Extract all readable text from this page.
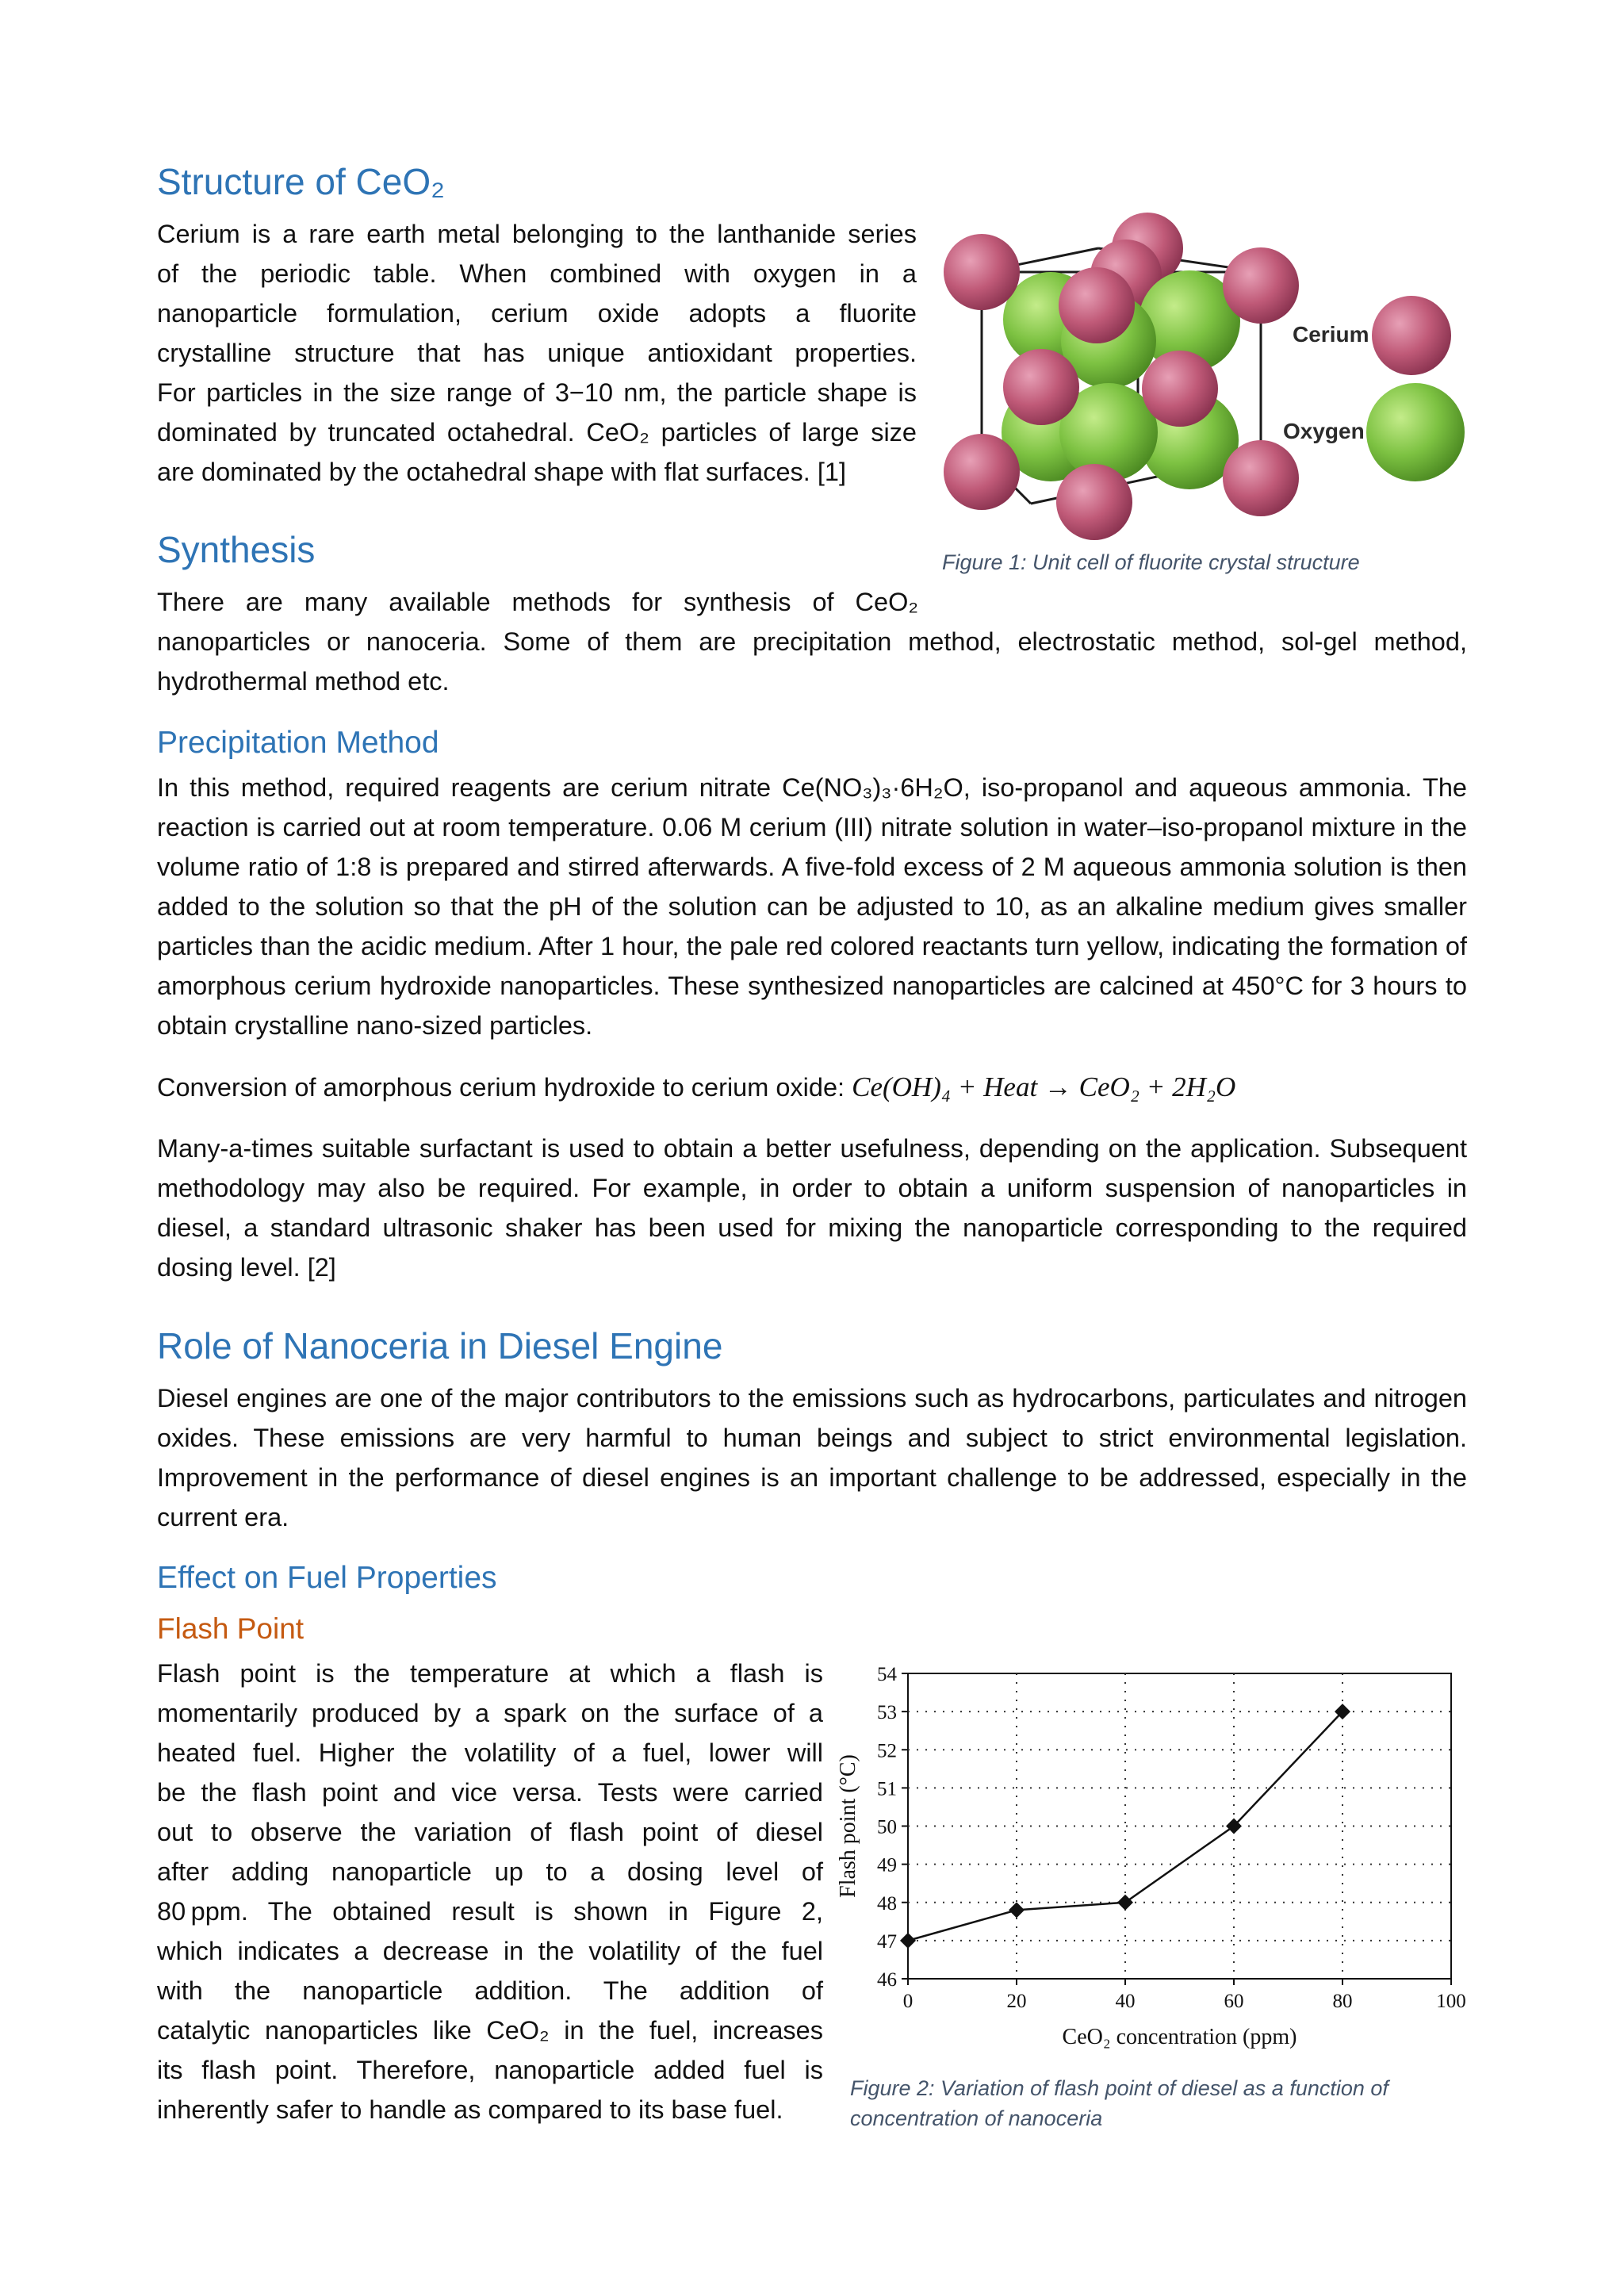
Structure of CeO₂
Cerium is a rare earth metal belonging to the lanthanide series
of the periodic table. When combined with oxygen in a
nanoparticle formulation, cerium oxide adopts a fluorite
crystalline structure that has unique antioxidant properties.
For particles in the size range of 3−10 nm, the particle shape is
dominated by truncated octahedral. CeO₂ particles of large size
are dominated by the octahedral shape with flat surfaces. [1]
Cerium
Oxygen

Figure 1: Unit cell of fluorite crystal structure

Synthesis
There are many available methods for synthesis of CeO₂

nanoparticles or nanoceria. Some of them are precipitation method, electrostatic method, sol-gel method, hydrothermal method etc.

Precipitation Method

In this method, required reagents are cerium nitrate Ce(NO₃)₃·6H₂O, iso-propanol and aqueous ammonia. The reaction is carried out at room temperature. 0.06 M cerium (III) nitrate solution in water–iso-propanol mixture in the volume ratio of 1:8 is prepared and stirred afterwards. A five-fold excess of 2 M aqueous ammonia solution is then added to the solution so that the pH of the solution can be adjusted to 10, as an alkaline medium gives smaller particles than the acidic medium. After 1 hour, the pale red colored reactants turn yellow, indicating the formation of amorphous cerium hydroxide nanoparticles. These synthesized nanoparticles are calcined at 450°C for 3 hours to obtain crystalline nano-sized particles.

Conversion of amorphous cerium hydroxide to cerium oxide: Ce(OH)₄ + Heat → CeO₂ + 2H₂O

Many-a-times suitable surfactant is used to obtain a better usefulness, depending on the application. Subsequent methodology may also be required. For example, in order to obtain a uniform suspension of nanoparticles in diesel, a standard ultrasonic shaker has been used for mixing the nanoparticle corresponding to the required dosing level. [2]

Role of Nanoceria in Diesel Engine

Diesel engines are one of the major contributors to the emissions such as hydrocarbons, particulates and nitrogen oxides. These emissions are very harmful to human beings and subject to strict environmental legislation. Improvement in the performance of diesel engines is an important challenge to be addressed, especially in the current era.

Effect on Fuel Properties
Flash Point
Flash point is the temperature at which a flash is
momentarily produced by a spark on the surface of a
heated fuel. Higher the volatility of a fuel, lower will
be the flash point and vice versa. Tests were carried
out to observe the variation of flash point of diesel
after adding nanoparticle up to a dosing level of
80 ppm. The obtained result is shown in Figure 2,
which indicates a decrease in the volatility of the fuel
with the nanoparticle addition. The addition of
catalytic nanoparticles like CeO₂ in the fuel, increases
its flash point. Therefore, nanoparticle added fuel is
inherently safer to handle as compared to its base fuel.
46
47
48
49
50
51
52
53
54
0	20	40	60	80	100
CeO₂ concentration (ppm)
Flash point (°C)

Figure 2: Variation of flash point of diesel as a function of
concentration of nanoceria
